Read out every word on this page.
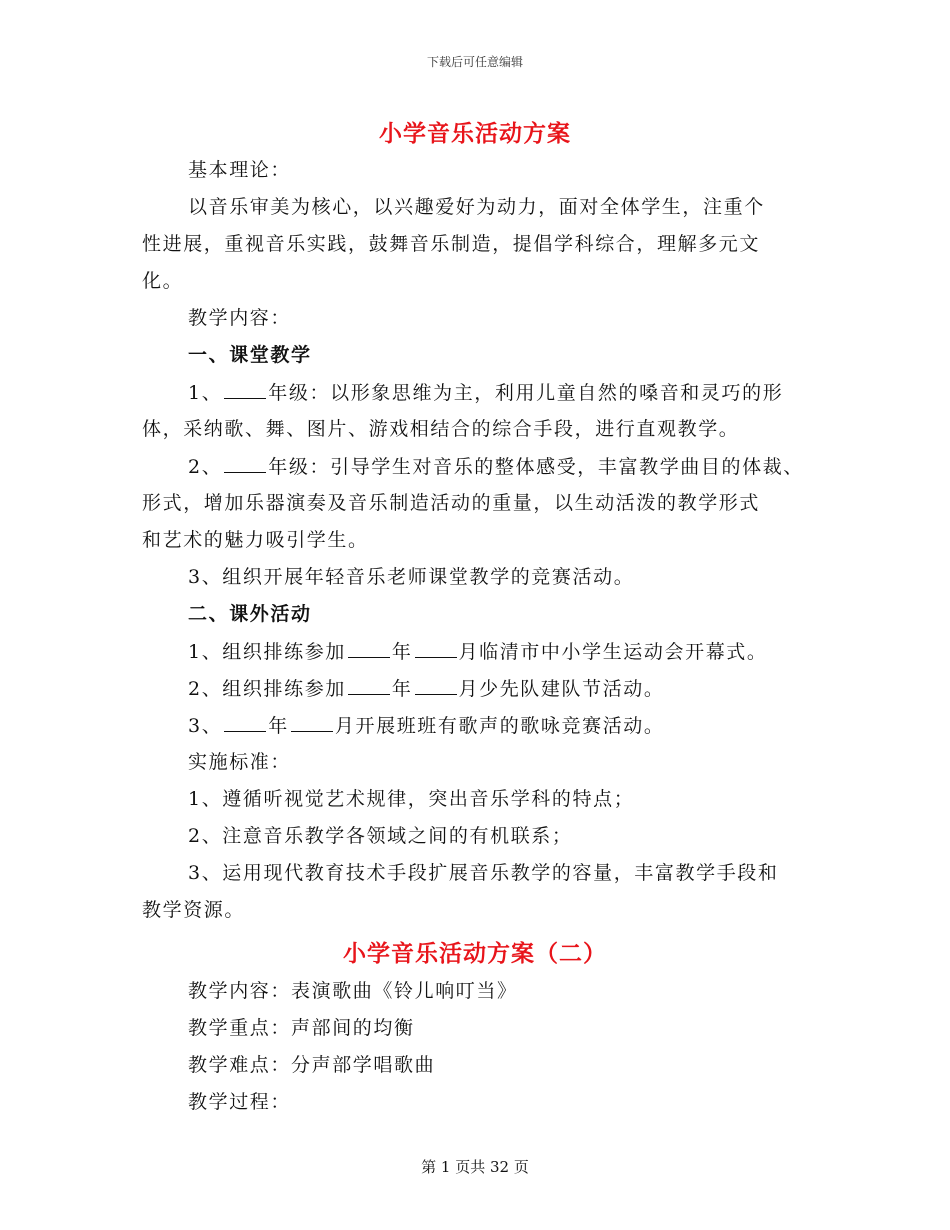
下载后可任意编辑
小学音乐活动方案
基本理论：
以音乐审美为核心，以兴趣爱好为动力，面对全体学生，注重个
性进展，重视音乐实践，鼓舞音乐制造，提倡学科综合，理解多元文
化。
教学内容：
一、课堂教学
1、 年级：以形象思维为主，利用儿童自然的嗓音和灵巧的形
体，采纳歌、舞、图片、游戏相结合的综合手段，进行直观教学。
2、 年级：引导学生对音乐的整体感受，丰富教学曲目的体裁、
形式，增加乐器演奏及音乐制造活动的重量，以生动活泼的教学形式
和艺术的魅力吸引学生。
3、组织开展年轻音乐老师课堂教学的竞赛活动。
二、课外活动
1、组织排练参加 年 月临清市中小学生运动会开幕式。
2、组织排练参加 年 月少先队建队节活动。
3、 年 月开展班班有歌声的歌咏竞赛活动。
实施标准：
1、遵循听视觉艺术规律，突出音乐学科的特点；
2、注意音乐教学各领域之间的有机联系；
3、运用现代教育技术手段扩展音乐教学的容量，丰富教学手段和
教学资源。
小学音乐活动方案（二）
教学内容：表演歌曲《铃儿响叮当》
教学重点：声部间的均衡
教学难点：分声部学唱歌曲
教学过程：
第 1 页共 32 页
